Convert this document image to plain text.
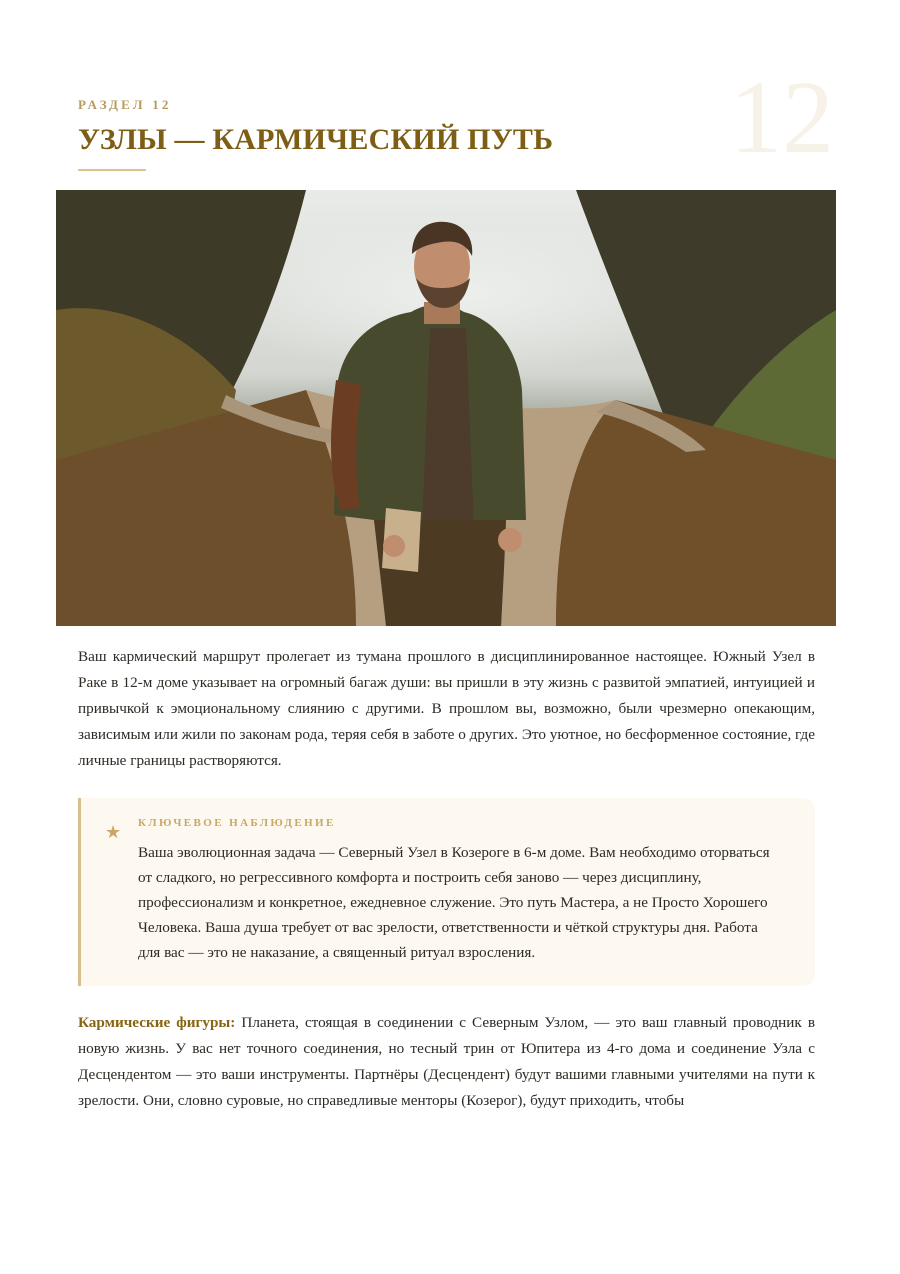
12
РАЗДЕЛ 12
УЗЛЫ — КАРМИЧЕСКИЙ ПУТЬ

Ваш кармический маршрут пролегает из тумана прошлого в дисциплинированное настоящее. Южный Узел в Раке в 12-м доме указывает на огромный багаж души: вы пришли в эту жизнь с развитой эмпатией, интуицией и привычкой к эмоциональному слиянию с другими. В прошлом вы, возможно, были чрезмерно опекающим, зависимым или жили по законам рода, теряя себя в заботе о других. Это уютное, но бесформенное состояние, где личные границы растворяются.

★ КЛЮЧЕВОЕ НАБЛЮДЕНИЕ

Ваша эволюционная задача — Северный Узел в Козероге в 6-м доме. Вам необходимо оторваться от сладкого, но регрессивного комфорта и построить себя заново — через дисциплину, профессионализм и конкретное, ежедневное служение. Это путь Мастера, а не Просто Хорошего Человека. Ваша душа требует от вас зрелости, ответственности и чёткой структуры дня. Работа для вас — это не наказание, а священный ритуал взросления.

Кармические фигуры: Планета, стоящая в соединении с Северным Узлом, — это ваш главный проводник в новую жизнь. У вас нет точного соединения, но тесный трин от Юпитера из 4-го дома и соединение Узла с Десцендентом — это ваши инструменты. Партнёры (Десцендент) будут вашими главными учителями на пути к зрелости. Они, словно суровые, но справедливые менторы (Козерог), будут приходить, чтобы
